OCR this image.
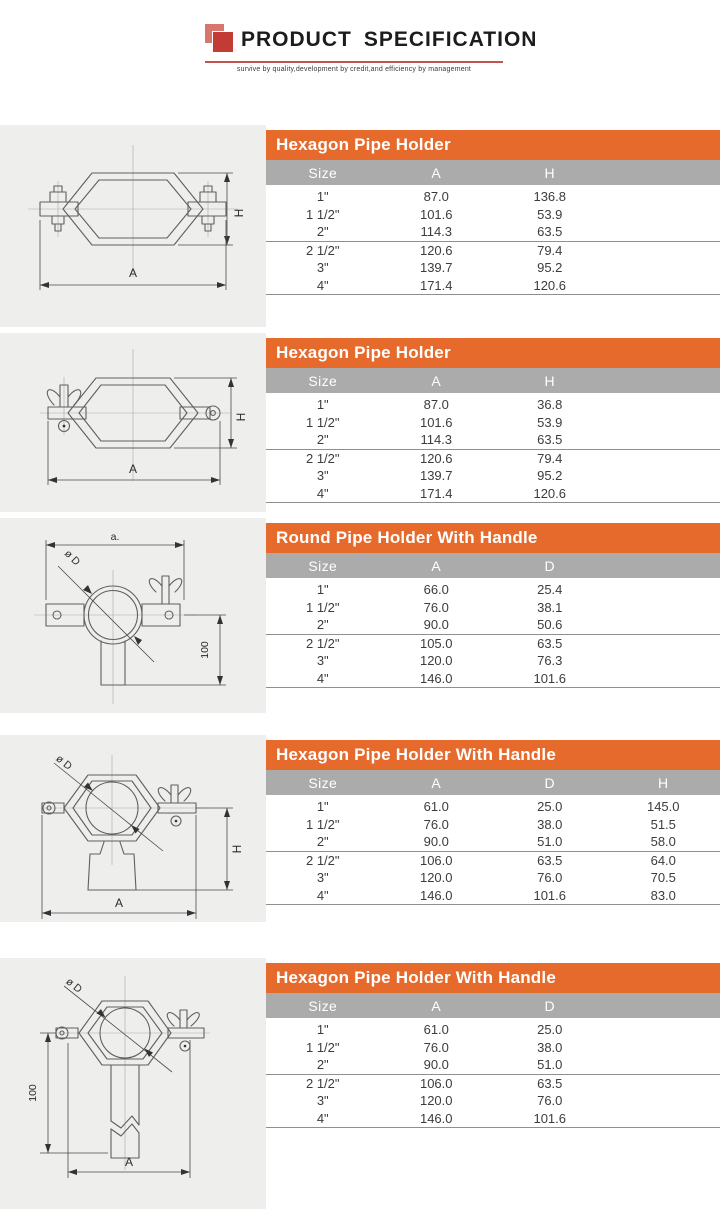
PRODUCT SPECIFICATION
survive by quality,development by credit,and efficiency by management
H
A
Hexagon Pipe Holder
Size	A	H	
1"	87.0	136.8	
1 1/2"	101.6	53.9	
2"	114.3	63.5	
2 1/2"	120.6	79.4	
3"	139.7	95.2	
4"	171.4	120.6	
H
A
Hexagon Pipe Holder
Size	A	H	
1"	87.0	36.8	
1 1/2"	101.6	53.9	
2"	114.3	63.5	
2 1/2"	120.6	79.4	
3"	139.7	95.2	
4"	171.4	120.6	
a.
ø D
100
Round Pipe Holder With Handle
Size	A	D	
1"	66.0	25.4	
1 1/2"	76.0	38.1	
2"	90.0	50.6	
2 1/2"	105.0	63.5	
3"	120.0	76.3	
4"	146.0	101.6	
ø D
H
A
Hexagon Pipe Holder With Handle
Size	A	D	H
1"	61.0	25.0	145.0
1 1/2"	76.0	38.0	51.5
2"	90.0	51.0	58.0
2 1/2"	106.0	63.5	64.0
3"	120.0	76.0	70.5
4"	146.0	101.6	83.0
ø D
100
A
Hexagon Pipe Holder With Handle
Size	A	D	
1"	61.0	25.0	
1 1/2"	76.0	38.0	
2"	90.0	51.0	
2 1/2"	106.0	63.5	
3"	120.0	76.0	
4"	146.0	101.6	
